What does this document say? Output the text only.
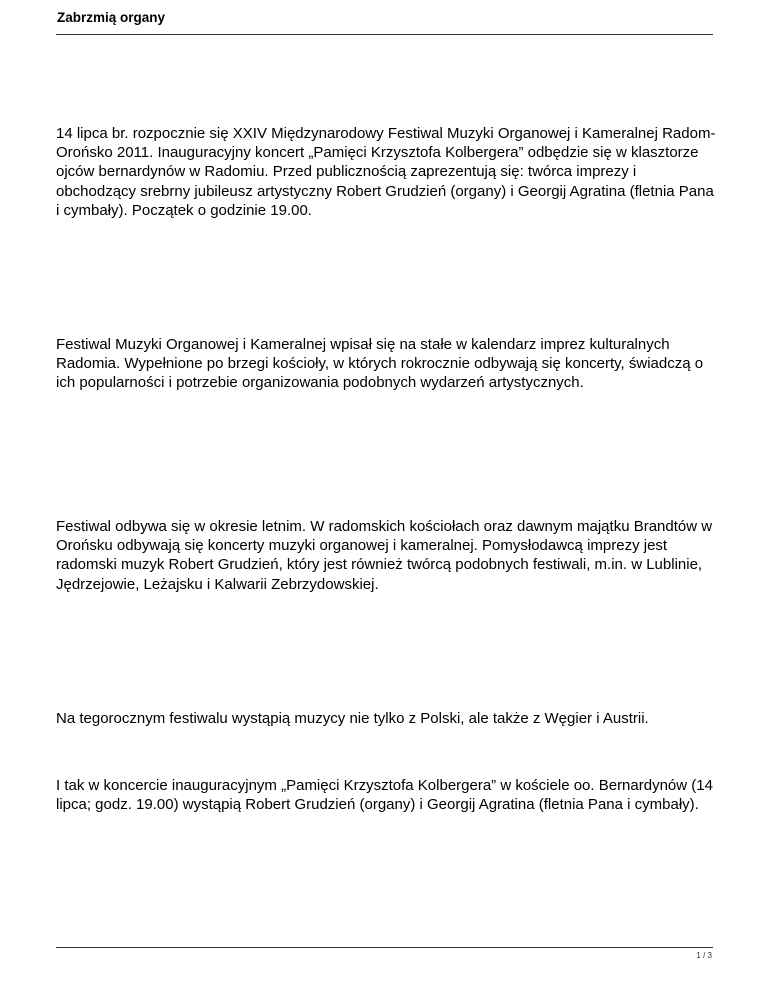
Zabrzmią organy

14 lipca br. rozpocznie się XXIV Międzynarodowy Festiwal Muzyki Organowej i Kameralnej Radom-Orońsko 2011. Inauguracyjny koncert „Pamięci Krzysztofa Kolbergera” odbędzie się w klasztorze ojców bernardynów w Radomiu. Przed publicznością zaprezentują się: twórca imprezy i obchodzący srebrny jubileusz artystyczny Robert Grudzień (organy) i Georgij Agratina (fletnia Pana i cymbały). Początek o godzinie 19.00.

Festiwal Muzyki Organowej i Kameralnej wpisał się na stałe w kalendarz imprez kulturalnych Radomia. Wypełnione po brzegi kościoły, w których rokrocznie odbywają się koncerty, świadczą o ich popularności i potrzebie organizowania podobnych wydarzeń artystycznych.

Festiwal odbywa się w okresie letnim. W radomskich kościołach oraz dawnym majątku Brandtów w Orońsku odbywają się koncerty muzyki organowej i kameralnej. Pomysłodawcą imprezy jest radomski muzyk Robert Grudzień, który jest również twórcą podobnych festiwali, m.in. w Lublinie, Jędrzejowie, Leżajsku i Kalwarii Zebrzydowskiej.

Na tegorocznym festiwalu wystąpią muzycy nie tylko z Polski, ale także z Węgier i Austrii.

I tak w koncercie inauguracyjnym „Pamięci Krzysztofa Kolbergera” w kościele oo. Bernardynów (14 lipca; godz. 19.00) wystąpią Robert Grudzień (organy) i Georgij Agratina (fletnia Pana i cymbały).

1 / 3
